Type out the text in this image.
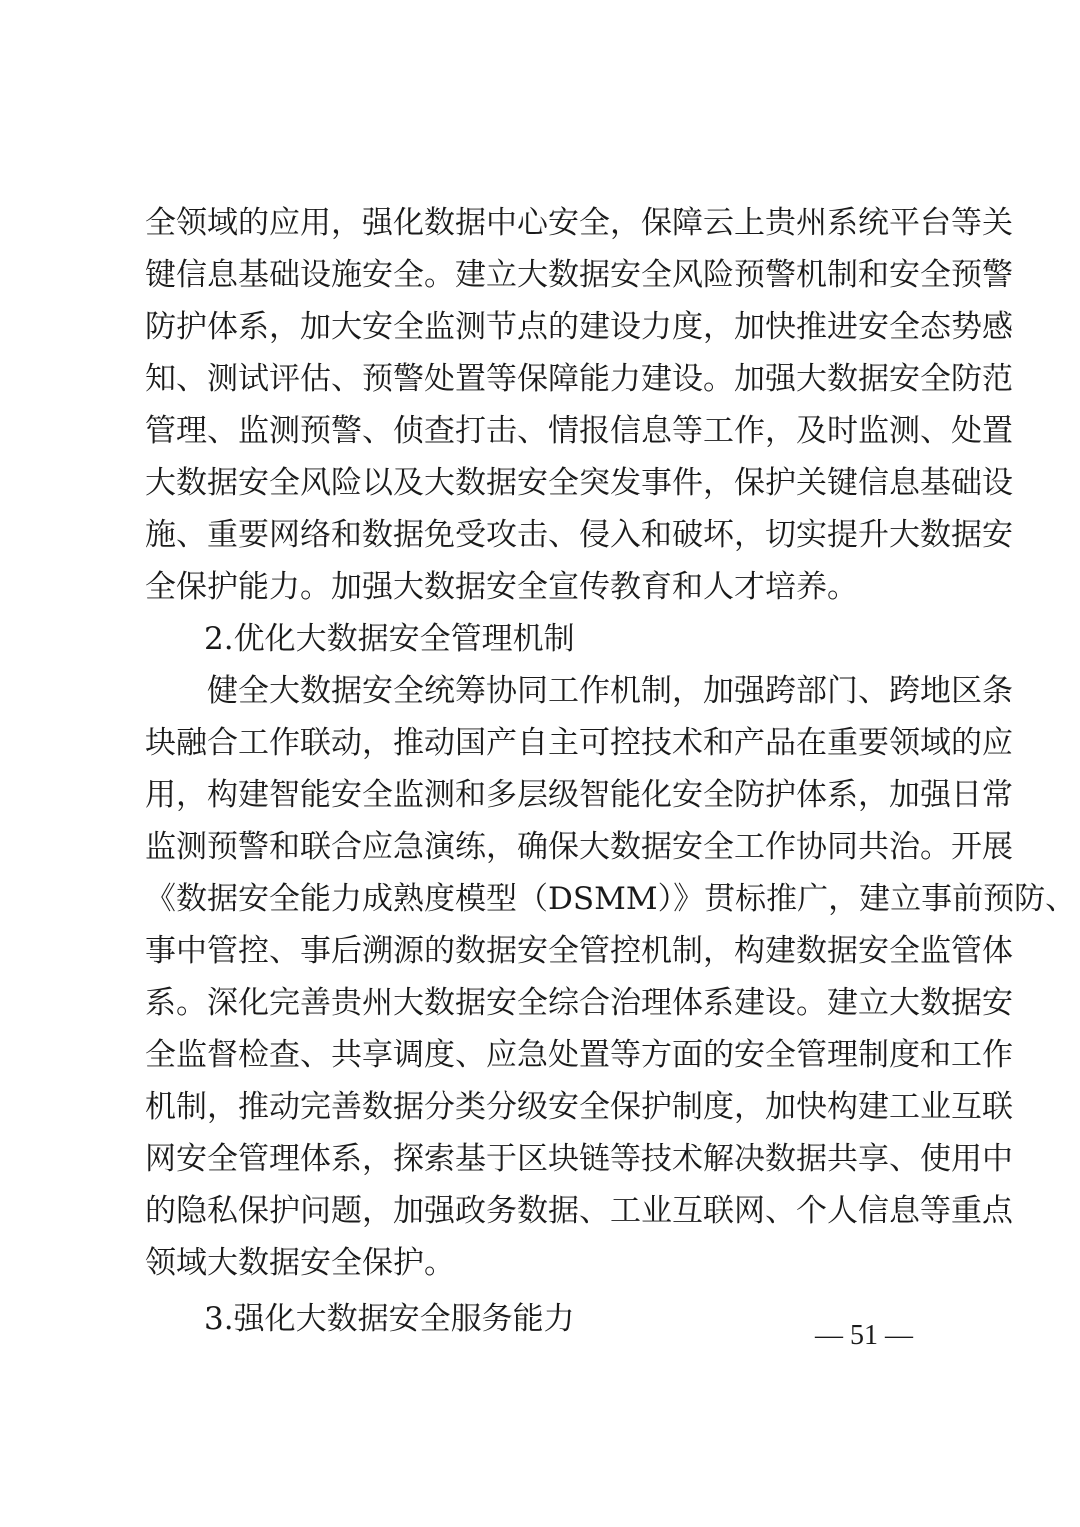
全领域的应用，强化数据中心安全，保障云上贵州系统平台等关
键信息基础设施安全。建立大数据安全风险预警机制和安全预警
防护体系，加大安全监测节点的建设力度，加快推进安全态势感
知、测试评估、预警处置等保障能力建设。加强大数据安全防范
管理、监测预警、侦查打击、情报信息等工作，及时监测、处置
大数据安全风险以及大数据安全突发事件，保护关键信息基础设
施、重要网络和数据免受攻击、侵入和破坏，切实提升大数据安
全保护能力。加强大数据安全宣传教育和人才培养。
2.优化大数据安全管理机制
　　健全大数据安全统筹协同工作机制，加强跨部门、跨地区条
块融合工作联动，推动国产自主可控技术和产品在重要领域的应
用，构建智能安全监测和多层级智能化安全防护体系，加强日常
监测预警和联合应急演练，确保大数据安全工作协同共治。开展
《数据安全能力成熟度模型（DSMM）》贯标推广，建立事前预防、
事中管控、事后溯源的数据安全管控机制，构建数据安全监管体
系。深化完善贵州大数据安全综合治理体系建设。建立大数据安
全监督检查、共享调度、应急处置等方面的安全管理制度和工作
机制，推动完善数据分类分级安全保护制度，加快构建工业互联
网安全管理体系，探索基于区块链等技术解决数据共享、使用中
的隐私保护问题，加强政务数据、工业互联网、个人信息等重点
领域大数据安全保护。
3.强化大数据安全服务能力	— 51 —
